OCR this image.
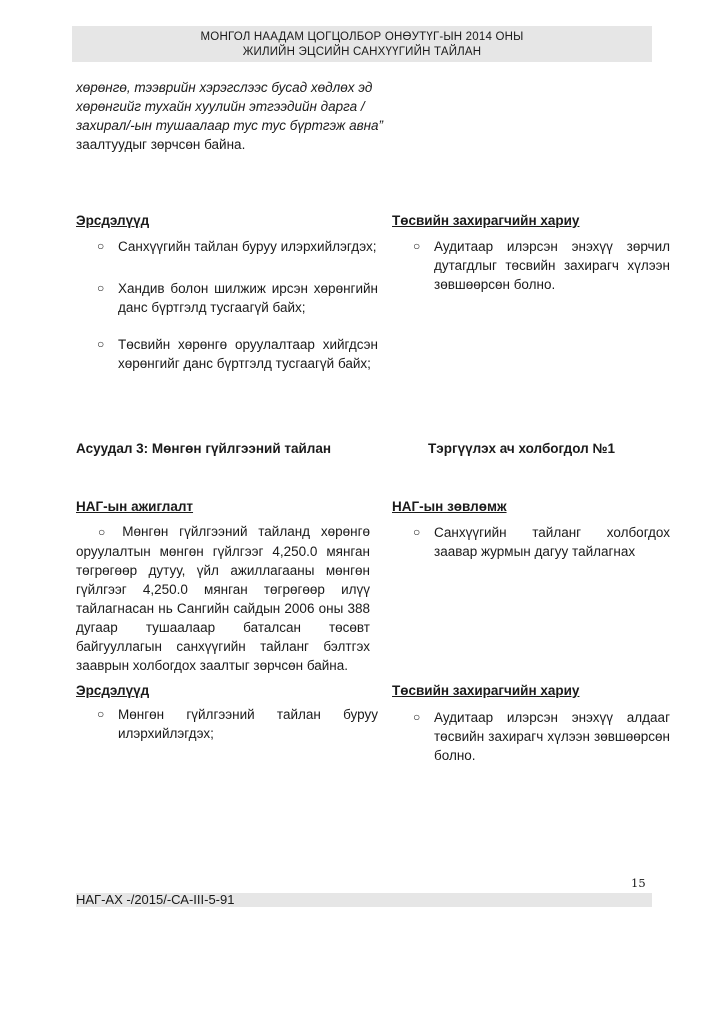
МОНГОЛ НААДАМ ЦОГЦОЛБОР ОНӨУТҮГ-ЫН 2014 ОНЫ
ЖИЛИЙН ЭЦСИЙН САНХҮҮГИЙН ТАЙЛАН
хөрөнгө, тээврийн хэрэгслээс бусад хөдлөх эд хөрөнгийг тухайн хуулийн этгээдийн дарга /захирал/-ын тушаалаар тус тус бүртгэж авна” заалтуудыг зөрчсөн байна.
Эрсдэлүүд
○ Санхүүгийн тайлан буруу илэрхийлэгдэх;
○ Хандив болон шилжиж ирсэн хөрөнгийн данс бүртгэлд тусгаагүй байх;
○ Төсвийн хөрөнгө оруулалтаар хийгдсэн хөрөнгийг данс бүртгэлд тусгаагүй байх;
Төсвийн захирагчийн хариу
○ Аудитаар илэрсэн энэхүү зөрчил дутагдлыг төсвийн захирагч хүлээн зөвшөөрсөн болно.
Асуудал 3: Мөнгөн гүйлгээний тайлан	Тэргүүлэх ач холбогдол №1
НАГ-ын ажиглалт
○ Мөнгөн гүйлгээний тайланд хөрөнгө оруулалтын мөнгөн гүйлгээг 4,250.0 мянган төгрөгөөр дутуу, үйл ажиллагааны мөнгөн гүйлгээг 4,250.0 мянган төгрөгөөр илүү тайлагнасан нь Сангийн сайдын 2006 оны 388 дугаар тушаалаар баталсан төсөвт байгууллагын санхүүгийн тайланг бэлтгэх зааврын холбогдох заалтыг зөрчсөн байна.
НАГ-ын зөвлөмж
○ Санхүүгийн тайланг холбогдох заавар журмын дагуу тайлагнах
Эрсдэлүүд
○ Мөнгөн гүйлгээний тайлан буруу илэрхийлэгдэх;
Төсвийн захирагчийн хариу
○ Аудитаар илэрсэн энэхүү алдааг төсвийн захирагч хүлээн зөвшөөрсөн болно.
15
НАГ-АХ -/2015/-СА-III-5-91
